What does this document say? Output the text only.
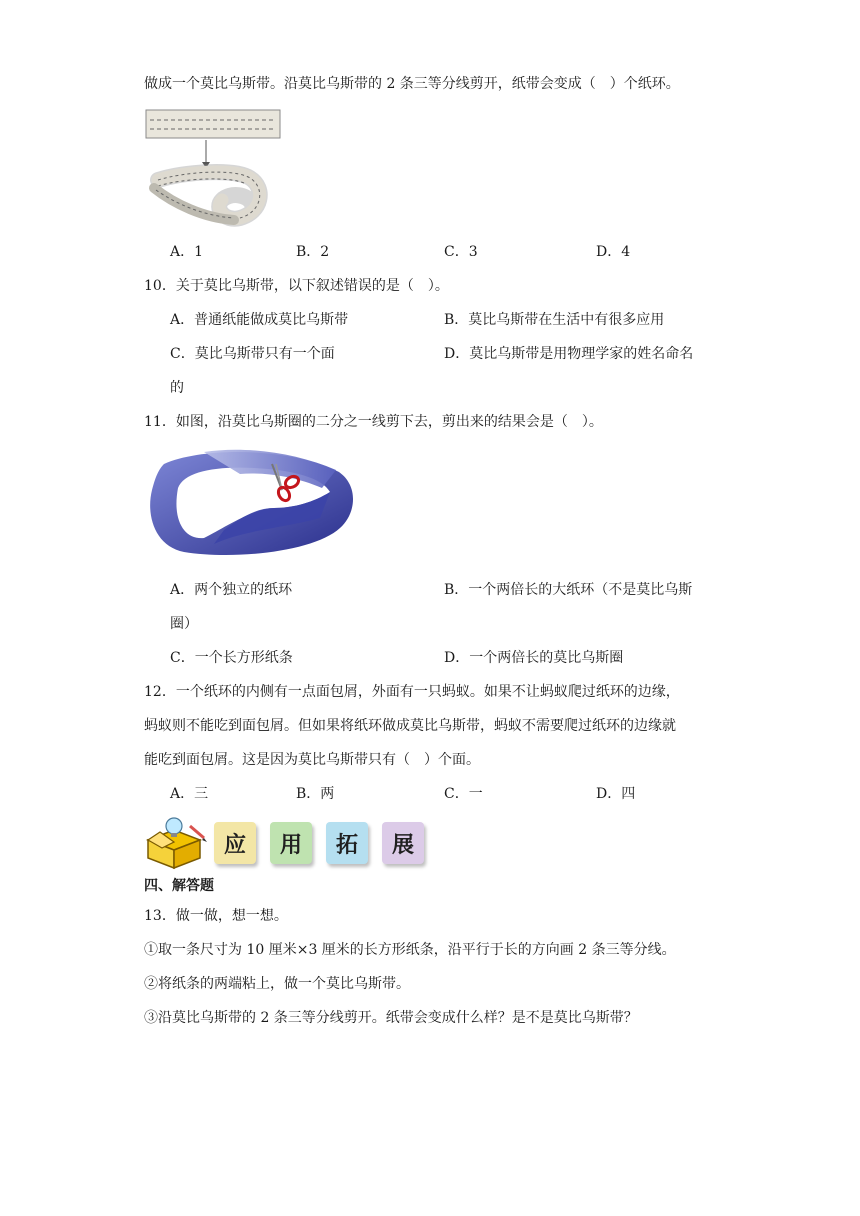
做成一个莫比乌斯带。沿莫比乌斯带的 2 条三等分线剪开，纸带会变成（　）个纸环。
A．1	B．2	C．3	D．4
10．关于莫比乌斯带，以下叙述错误的是（　）。
A．普通纸能做成莫比乌斯带	B．莫比乌斯带在生活中有很多应用
C．莫比乌斯带只有一个面	D．莫比乌斯带是用物理学家的姓名命名
的
11．如图，沿莫比乌斯圈的二分之一线剪下去，剪出来的结果会是（　）。
A．两个独立的纸环	B．一个两倍长的大纸环（不是莫比乌斯
圈）
C．一个长方形纸条	D．一个两倍长的莫比乌斯圈
12．一个纸环的内侧有一点面包屑，外面有一只蚂蚁。如果不让蚂蚁爬过纸环的边缘，
蚂蚁则不能吃到面包屑。但如果将纸环做成莫比乌斯带，蚂蚁不需要爬过纸环的边缘就
能吃到面包屑。这是因为莫比乌斯带只有（　）个面。
A．三	B．两	C．一	D．四
应	用	拓	展
四、解答题
13．做一做，想一想。
①取一条尺寸为 10 厘米×3 厘米的长方形纸条，沿平行于长的方向画 2 条三等分线。
②将纸条的两端粘上，做一个莫比乌斯带。
③沿莫比乌斯带的 2 条三等分线剪开。纸带会变成什么样？是不是莫比乌斯带？
